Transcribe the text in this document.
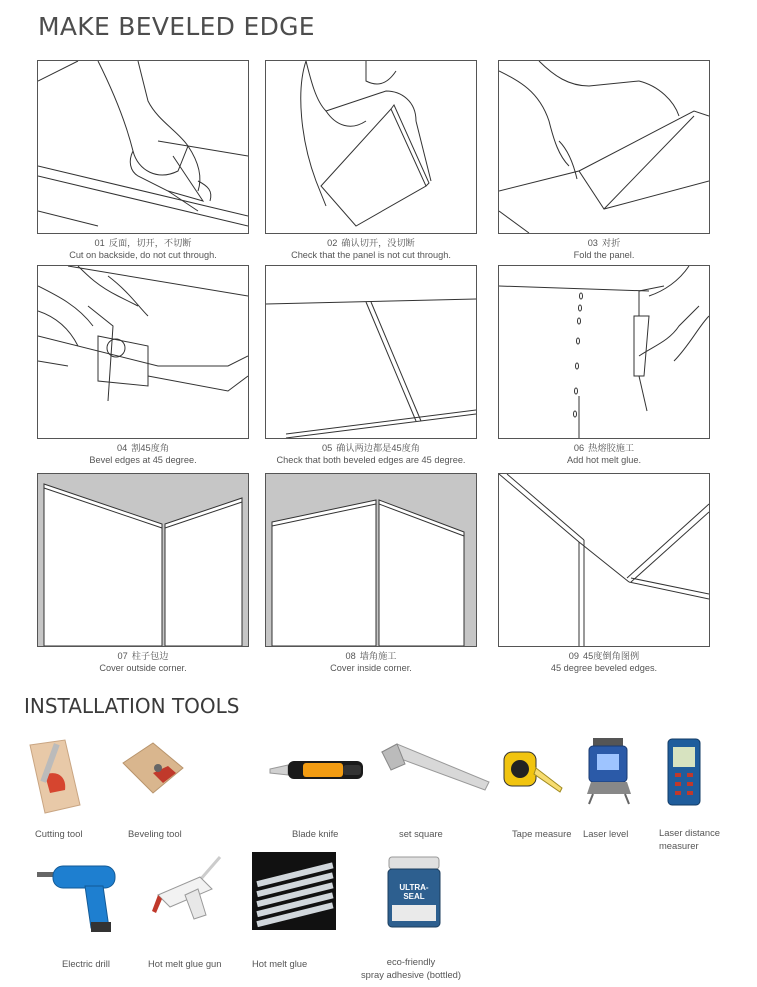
MAKE BEVELED EDGE
01 反面，切开，不切断
Cut on backside, do not cut through.
02 确认切开，没切断
Check that the panel is not cut through.
03 对折
Fold the panel.
04 割45度角
Bevel edges at 45 degree.
05 确认两边都是45度角
Check that both beveled edges are 45 degree.
06 热熔胶施工
Add hot melt glue.
07 柱子包边
Cover outside corner.
08 墙角施工
Cover inside corner.
09 45度倒角图例
45 degree beveled edges.
INSTALLATION TOOLS
Cutting tool	Beveling tool	Blade knife	set square	Tape measure Laser level	Laser distance
measurer
Electric drill	Hot melt glue gun	Hot melt glue
ULTRA-SEAL
eco-friendly
spray adhesive (bottled)
